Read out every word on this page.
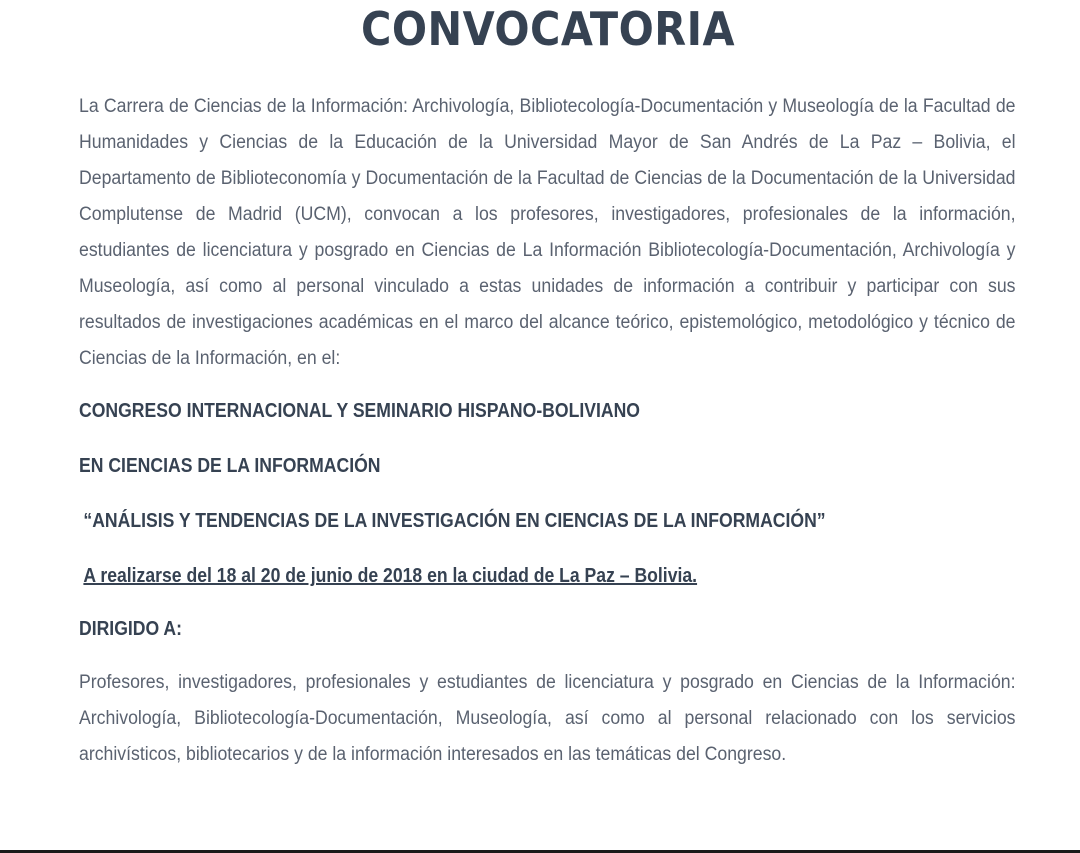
CONVOCATORIA

La Carrera de Ciencias de la Información: Archivología, Bibliotecología-Documentación y Museología de la Facultad de Humanidades y Ciencias de la Educación de la Universidad Mayor de San Andrés de La Paz – Bolivia, el Departamento de Biblioteconomía y Documentación de la Facultad de Ciencias de la Documentación de la Universidad Complutense de Madrid (UCM), convocan a los profesores, investigadores, profesionales de la información, estudiantes de licenciatura y posgrado en Ciencias de La Información Bibliotecología-Documentación, Archivología y Museología, así como al personal vinculado a estas unidades de información a contribuir y participar con sus resultados de investigaciones académicas en el marco del alcance teórico, epistemológico, metodológico y técnico de Ciencias de la Información, en el:

CONGRESO INTERNACIONAL Y SEMINARIO HISPANO-BOLIVIANO

EN CIENCIAS DE LA INFORMACIÓN

“ANÁLISIS Y TENDENCIAS DE LA INVESTIGACIÓN EN CIENCIAS DE LA INFORMACIÓN”

A realizarse del 18 al 20 de junio de 2018 en la ciudad de La Paz – Bolivia.

DIRIGIDO A:

Profesores, investigadores, profesionales y estudiantes de licenciatura y posgrado en Ciencias de la Información: Archivología, Bibliotecología-Documentación, Museología, así como al personal relacionado con los servicios archivísticos, bibliotecarios y de la información interesados en las temáticas del Congreso.
